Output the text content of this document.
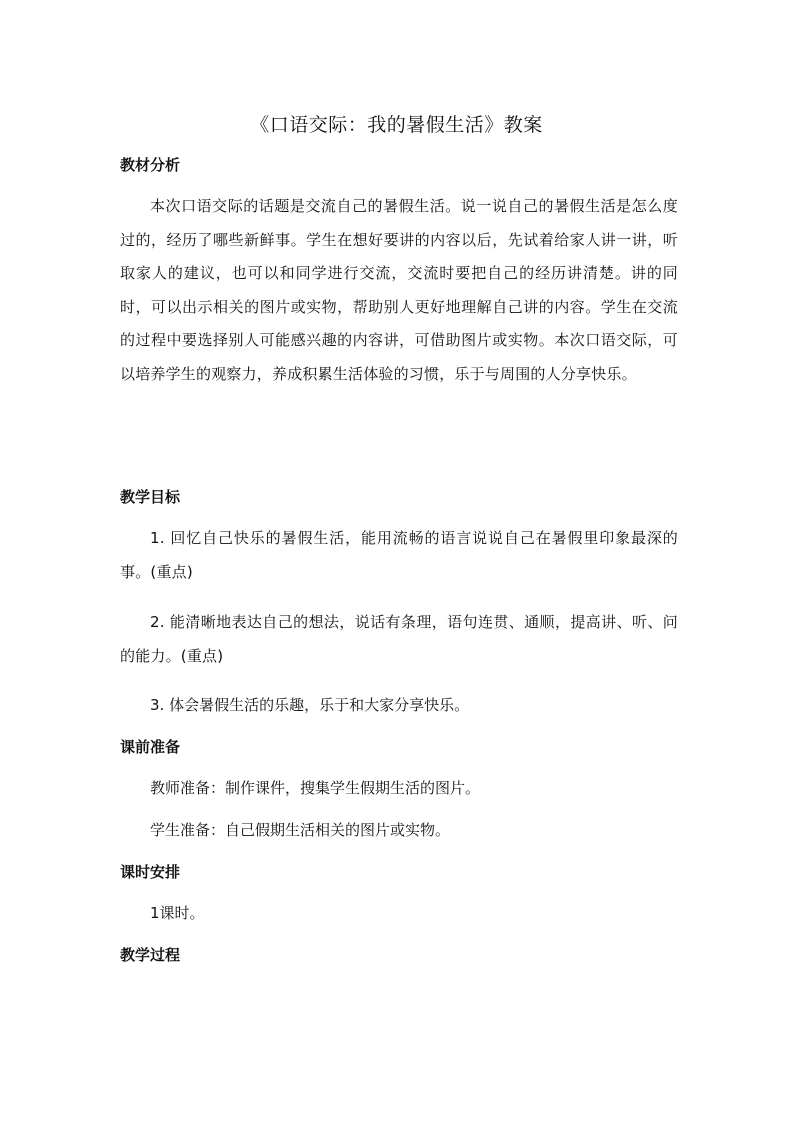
《口语交际：我的暑假生活》教案
教材分析
本次口语交际的话题是交流自己的暑假生活。说一说自己的暑假生活是怎么度过的，经历了哪些新鲜事。学生在想好要讲的内容以后，先试着给家人讲一讲，听取家人的建议，也可以和同学进行交流，交流时要把自己的经历讲清楚。讲的同时，可以出示相关的图片或实物，帮助别人更好地理解自己讲的内容。学生在交流的过程中要选择别人可能感兴趣的内容讲，可借助图片或实物。本次口语交际，可以培养学生的观察力，养成积累生活体验的习惯，乐于与周围的人分享快乐。
教学目标
1. 回忆自己快乐的暑假生活，能用流畅的语言说说自己在暑假里印象最深的事。(重点)
2. 能清晰地表达自己的想法，说话有条理，语句连贯、通顺，提高讲、听、问的能力。(重点)
3. 体会暑假生活的乐趣，乐于和大家分享快乐。
课前准备
教师准备：制作课件，搜集学生假期生活的图片。
学生准备：自己假期生活相关的图片或实物。
课时安排
1课时。
教学过程
